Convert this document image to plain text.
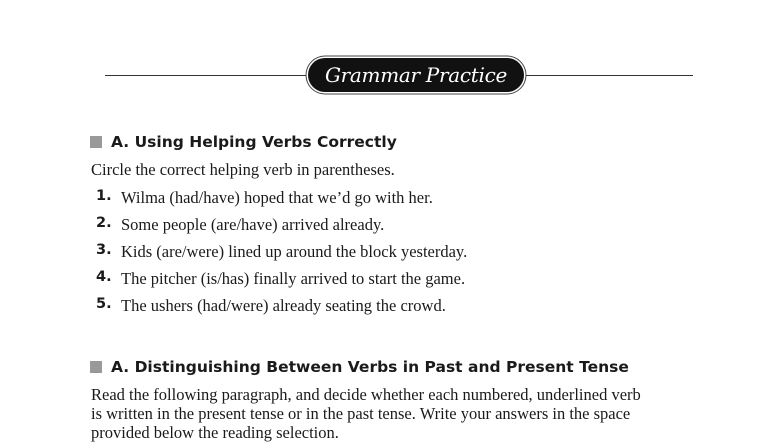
Grammar Practice
A. Using Helping Verbs Correctly
Circle the correct helping verb in parentheses.
1. Wilma (had/have) hoped that we’d go with her.
2. Some people (are/have) arrived already.
3. Kids (are/were) lined up around the block yesterday.
4. The pitcher (is/has) finally arrived to start the game.
5. The ushers (had/were) already seating the crowd.
A. Distinguishing Between Verbs in Past and Present Tense
Read the following paragraph, and decide whether each numbered, underlined verb is written in the present tense or in the past tense. Write your answers in the space provided below the reading selection.
